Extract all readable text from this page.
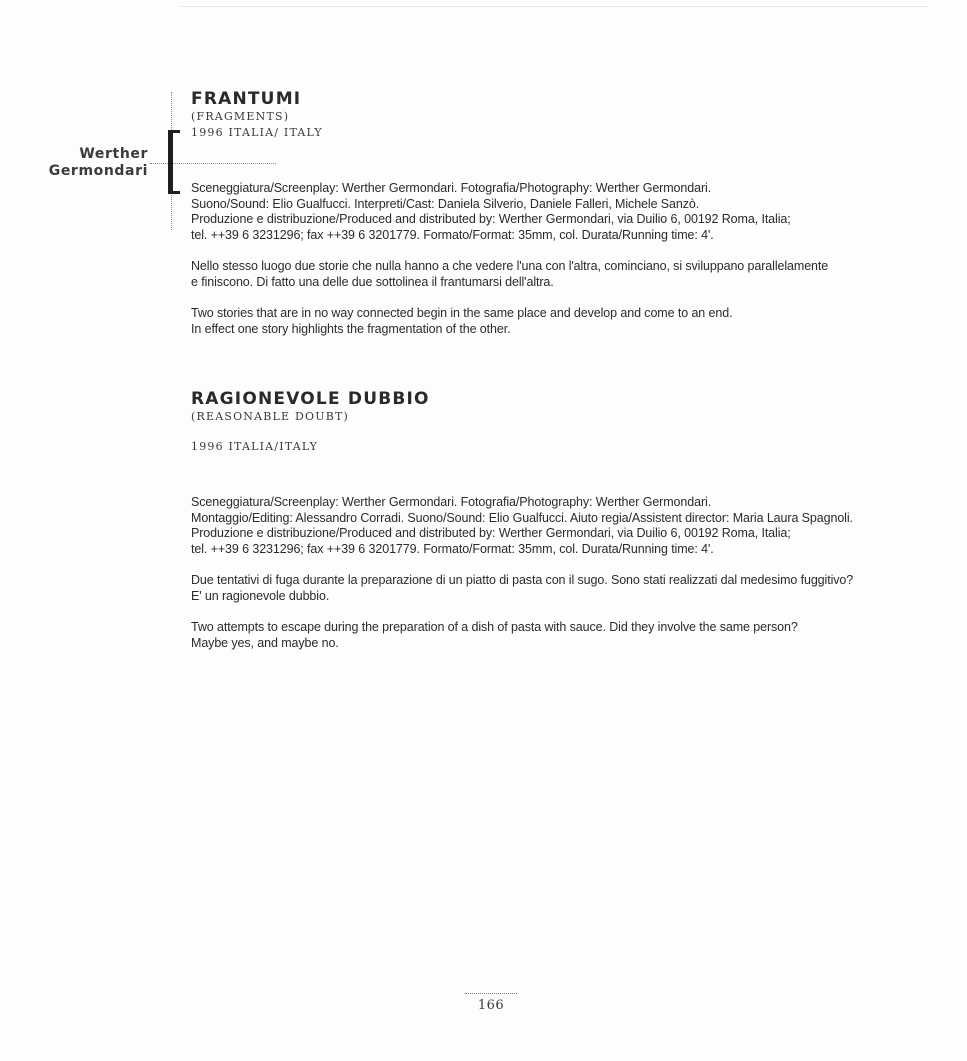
Werther
Germondari
FRANTUMI
(FRAGMENTS)
1996 ITALIA/ ITALY
Sceneggiatura/Screenplay: Werther Germondari. Fotografia/Photography: Werther Germondari.
Suono/Sound: Elio Gualfucci. Interpreti/Cast: Daniela Silverio, Daniele Falleri, Michele Sanzò.
Produzione e distribuzione/Produced and distributed by: Werther Germondari, via Duilio 6, 00192 Roma, Italia;
tel. ++39 6 3231296; fax ++39 6 3201779. Formato/Format: 35mm, col. Durata/Running time: 4'.
Nello stesso luogo due storie che nulla hanno a che vedere l'una con l'altra, cominciano, si sviluppano parallelamente
e finiscono. Di fatto una delle due sottolinea il frantumarsi dell'altra.
Two stories that are in no way connected begin in the same place and develop and come to an end.
In effect one story highlights the fragmentation of the other.
RAGIONEVOLE DUBBIO
(REASONABLE DOUBT)
1996 ITALIA/ITALY
Sceneggiatura/Screenplay: Werther Germondari. Fotografia/Photography: Werther Germondari.
Montaggio/Editing: Alessandro Corradi. Suono/Sound: Elio Gualfucci. Aiuto regia/Assistent director: Maria Laura Spagnoli.
Produzione e distribuzione/Produced and distributed by: Werther Germondari, via Duilio 6, 00192 Roma, Italia;
tel. ++39 6 3231296; fax ++39 6 3201779. Formato/Format: 35mm, col. Durata/Running time: 4'.
Due tentativi di fuga durante la preparazione di un piatto di pasta con il sugo. Sono stati realizzati dal medesimo fuggitivo?
E' un ragionevole dubbio.
Two attempts to escape during the preparation of a dish of pasta with sauce. Did they involve the same person?
Maybe yes, and maybe no.
166
